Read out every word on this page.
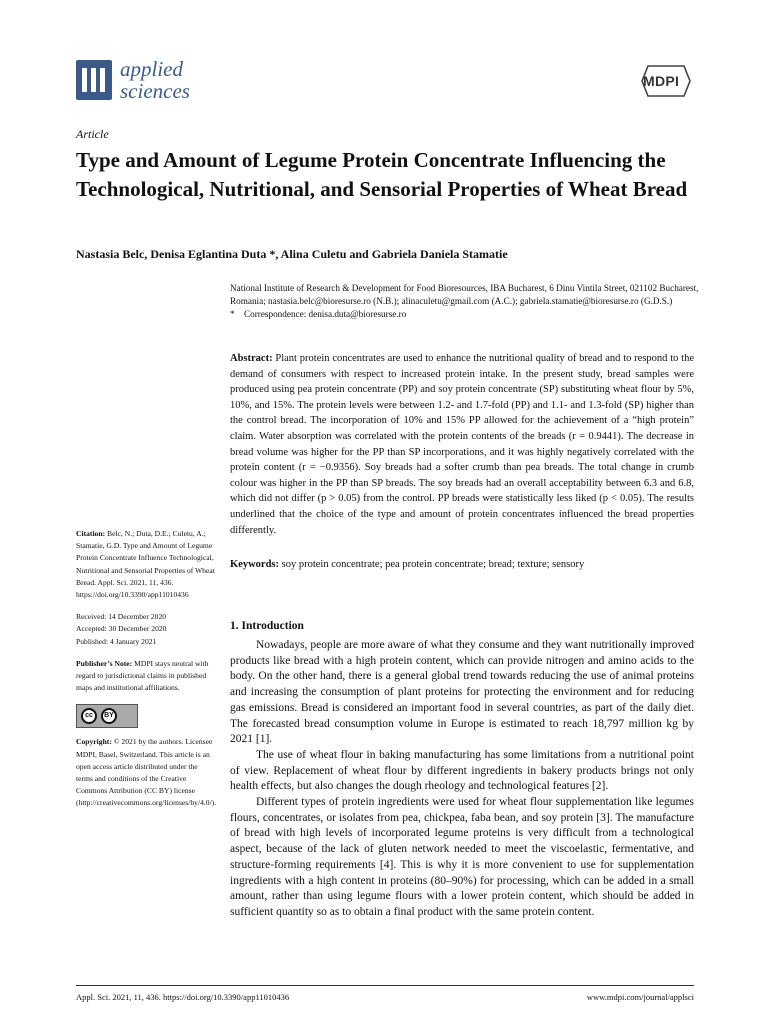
applied
sciences	MDPI
Article
Type and Amount of Legume Protein Concentrate Influencing the Technological, Nutritional, and Sensorial Properties of Wheat Bread
Nastasia Belc, Denisa Eglantina Duta *, Alina Culetu and Gabriela Daniela Stamatie
National Institute of Research & Development for Food Bioresources, IBA Bucharest, 6 Dinu Vintila Street, 021102 Bucharest, Romania; nastasia.belc@bioresurse.ro (N.B.); alinaculetu@gmail.com (A.C.); gabriela.stamatie@bioresurse.ro (G.D.S.)
* Correspondence: denisa.duta@bioresurse.ro
Abstract: Plant protein concentrates are used to enhance the nutritional quality of bread and to respond to the demand of consumers with respect to increased protein intake. In the present study, bread samples were produced using pea protein concentrate (PP) and soy protein concentrate (SP) substituting wheat flour by 5%, 10%, and 15%. The protein levels were between 1.2- and 1.7-fold (PP) and 1.1- and 1.3-fold (SP) higher than the control bread. The incorporation of 10% and 15% PP allowed for the achievement of a “high protein” claim. Water absorption was correlated with the protein contents of the breads (r = 0.9441). The decrease in bread volume was higher for the PP than SP incorporations, and it was highly negatively correlated with the protein content (r = −0.9356). Soy breads had a softer crumb than pea breads. The total change in crumb colour was higher in the PP than SP breads. The soy breads had an overall acceptability between 6.3 and 6.8, which did not differ (p > 0.05) from the control. PP breads were statistically less liked (p < 0.05). The results underlined that the choice of the type and amount of protein concentrates influenced the bread properties differently.
Keywords: soy protein concentrate; pea protein concentrate; bread; texture; sensory

Citation: Belc, N.; Duta, D.E.; Culetu, A.; Stamatie, G.D. Type and Amount of Legume Protein Concentrate Influence Technological, Nutritional and Sensorial Properties of Wheat Bread. Appl. Sci. 2021, 11, 436. https://doi.org/10.3390/app11010436

Received: 14 December 2020
Accepted: 30 December 2020
Published: 4 January 2021

Publisher’s Note: MDPI stays neutral with regard to jurisdictional claims in published maps and institutional affiliations.

cc	BY

Copyright: © 2021 by the authors. Licensee MDPI, Basel, Switzerland. This article is an open access article distributed under the terms and conditions of the Creative Commons Attribution (CC BY) license (http://creativecommons.org/licenses/by/4.0/).

1. Introduction

Nowadays, people are more aware of what they consume and they want nutritionally improved products like bread with a high protein content, which can provide nitrogen and amino acids to the body. On the other hand, there is a general global trend towards reducing the use of animal proteins and increasing the consumption of plant proteins for protecting the environment and for reducing gas emissions. Bread is considered an important food in several countries, as part of the daily diet. The forecasted bread consumption volume in Europe is estimated to reach 18,797 million kg by 2021 [1].

The use of wheat flour in baking manufacturing has some limitations from a nutritional point of view. Replacement of wheat flour by different ingredients in bakery products brings not only health effects, but also changes the dough rheology and technological features [2].

Different types of protein ingredients were used for wheat flour supplementation like legumes flours, concentrates, or isolates from pea, chickpea, faba bean, and soy protein [3]. The manufacture of bread with high levels of incorporated legume proteins is very difficult from a technological aspect, because of the lack of gluten network needed to meet the viscoelastic, fermentative, and structure-forming requirements [4]. This is why it is more convenient to use for supplementation ingredients with a high content in proteins (80–90%) for processing, which can be added in a small amount, rather than using legume flours with a lower protein content, which should be added in sufficient quantity so as to obtain a final product with the same protein content.

Appl. Sci. 2021, 11, 436. https://doi.org/10.3390/app11010436	www.mdpi.com/journal/applsci
